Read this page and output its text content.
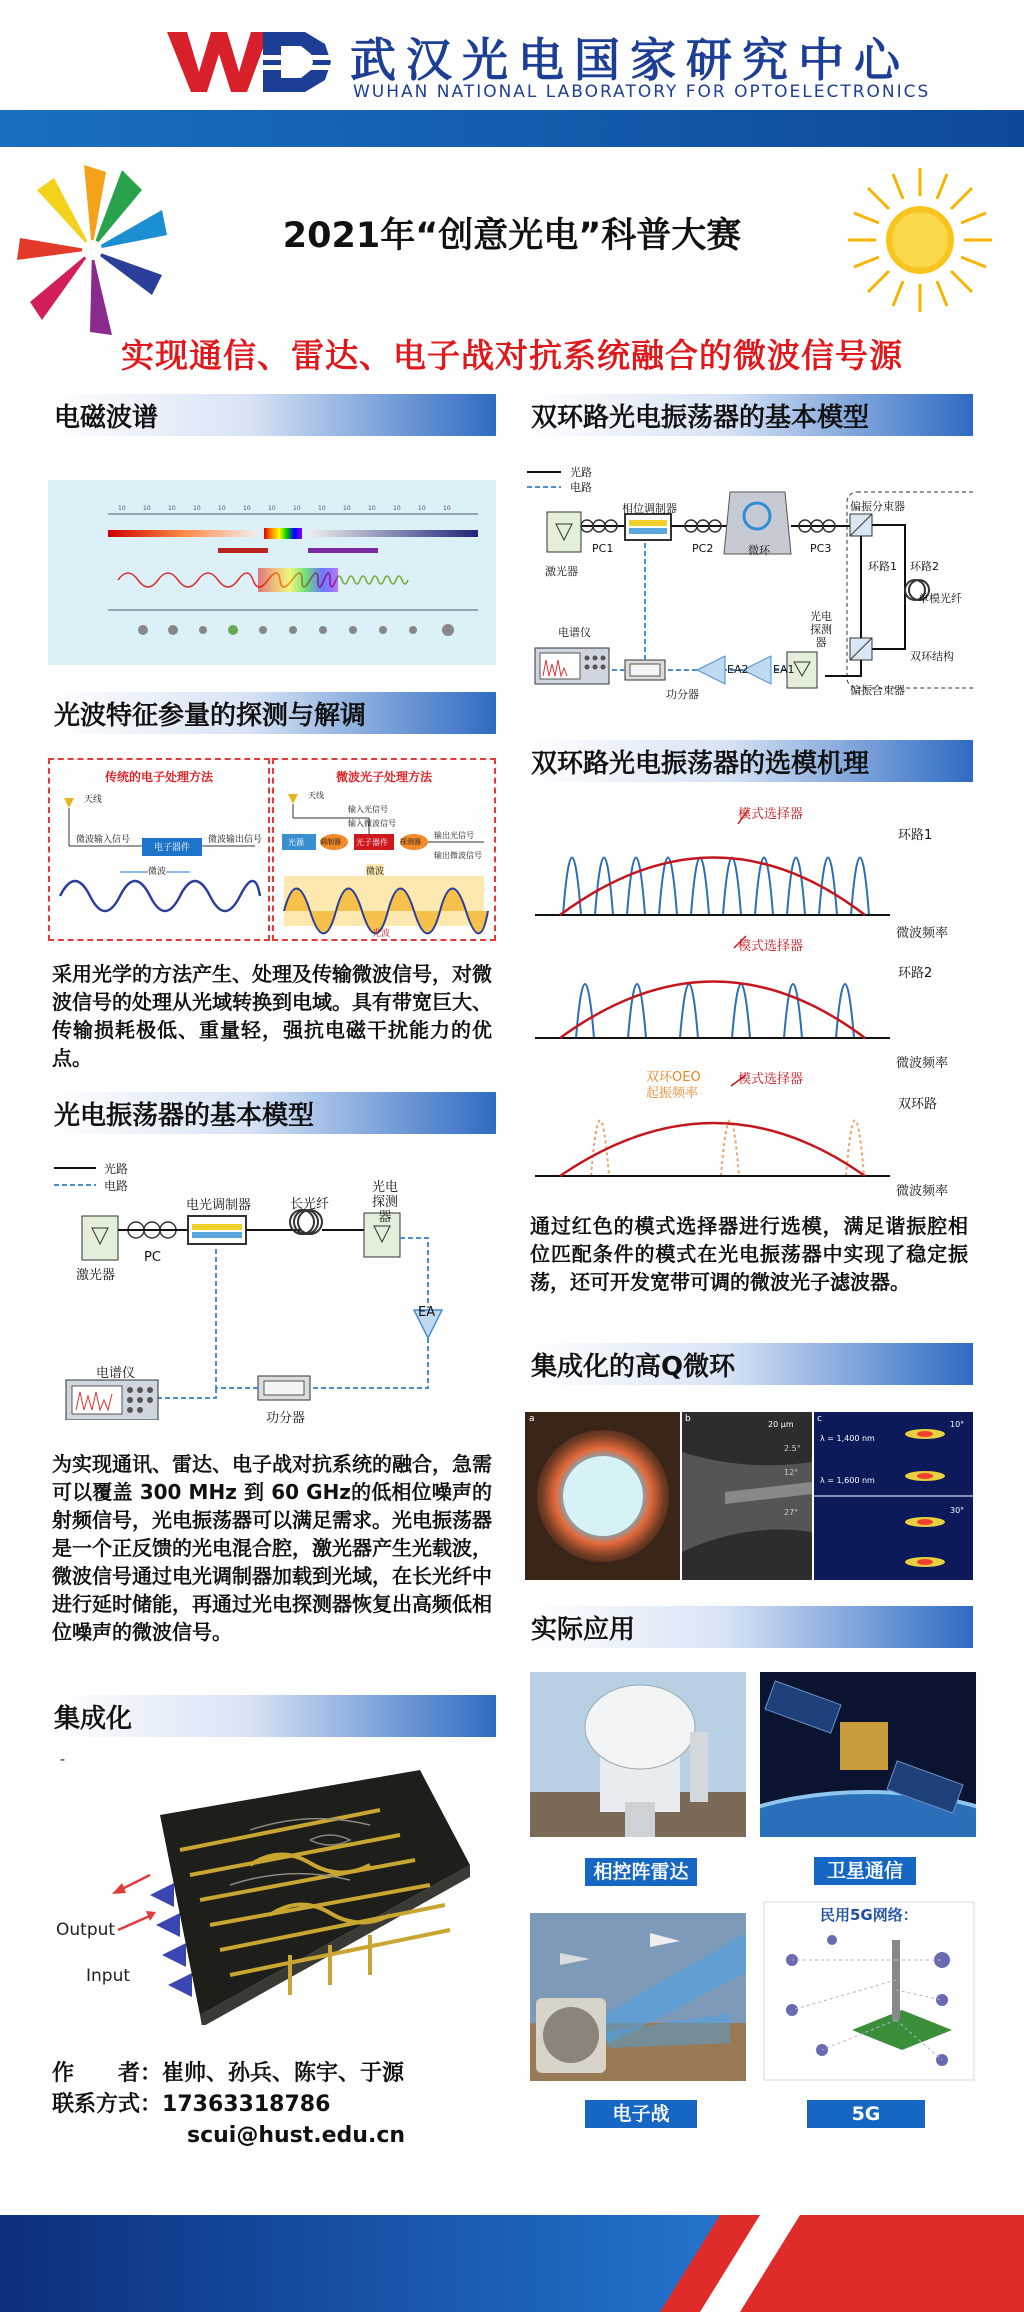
武汉光电国家研究中心
WUHAN NATIONAL LABORATORY FOR OPTOELECTRONICS
2021年“创意光电”科普大赛
实现通信、雷达、电子战对抗系统融合的微波信号源
电磁波谱
10	10	10	10	10	10	10	10	10	10	10	10	10	10
光波特征参量的探测与解调
传统的电子处理方法
天线
微波输入信号
电子器件
微波输出信号
微波
微波光子处理方法
天线
输入光信号
输入微波信号
光源 调制器 光子器件 探测器
输出光信号
输出微波信号
微波
光波
采用光学的方法产生、处理及传输微波信号，对微波信号的处理从光域转换到电域。具有带宽巨大、传输损耗极低、重量轻，强抗电磁干扰能力的优点。
光电振荡器的基本模型
光路
电路
激光器
PC
电光调制器	长光纤
光电 探测器
EA
电谱仪
功分器
为实现通讯、雷达、电子战对抗系统的融合，急需可以覆盖 300 MHz 到 60 GHz的低相位噪声的射频信号，光电振荡器可以满足需求。光电振荡器是一个正反馈的光电混合腔，激光器产生光载波，微波信号通过电光调制器加载到光域，在长光纤中进行延时储能，再通过光电探测器恢复出高频低相位噪声的微波信号。
集成化
-
Output
Input
作　　者：崔帅、孙兵、陈宇、于源
联系方式：17363318786
scui@hust.edu.cn
双环路光电振荡器的基本模型
光路
电路
激光器
PC1	PC2	PC3
相位调制器
微环
偏振分束器
偏振合束器
环路1 环路2
单模光纤
双环结构
光电 探测器
EA1
EA2
功分器
电谱仪
双环路光电振荡器的选模机理
模式选择器
环路1
微波频率
模式选择器
环路2
微波频率
模式选择器
双环路
微波频率
双环OEO
起振频率
通过红色的模式选择器进行选模，满足谐振腔相位匹配条件的模式在光电振荡器中实现了稳定振荡，还可开发宽带可调的微波光子滤波器。
集成化的高Q微环
a	b	c
20 μm
2.5°
12°
27°
10°
30°
λ = 1,400 nm
λ = 1,600 nm
实际应用
相控阵雷达	卫星通信
民用5G网络：
电子战	5G
